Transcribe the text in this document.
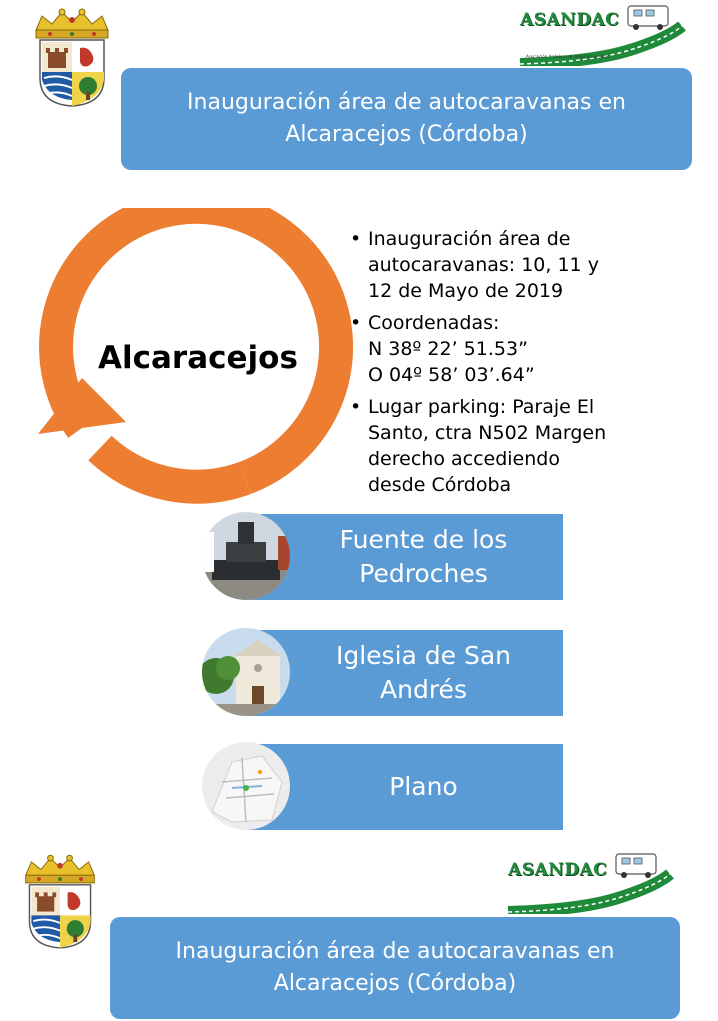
ASANDAC
Asociación Andaluza de Autocaravanistas
Inauguración área de autocaravanas en Alcaracejos (Córdoba)
Alcaracejos
• Inauguración área de
autocaravanas: 10, 11 y
12 de Mayo de 2019
• Coordenadas:
N 38º 22’ 51.53”
O 04º 58’ 03’.64”
• Lugar parking: Paraje El
Santo, ctra N502 Margen
derecho accediendo
desde Córdoba
Fuente de los
Pedroches
Iglesia de San
Andrés
Plano
ASANDAC
Inauguración área de autocaravanas en Alcaracejos (Córdoba)
